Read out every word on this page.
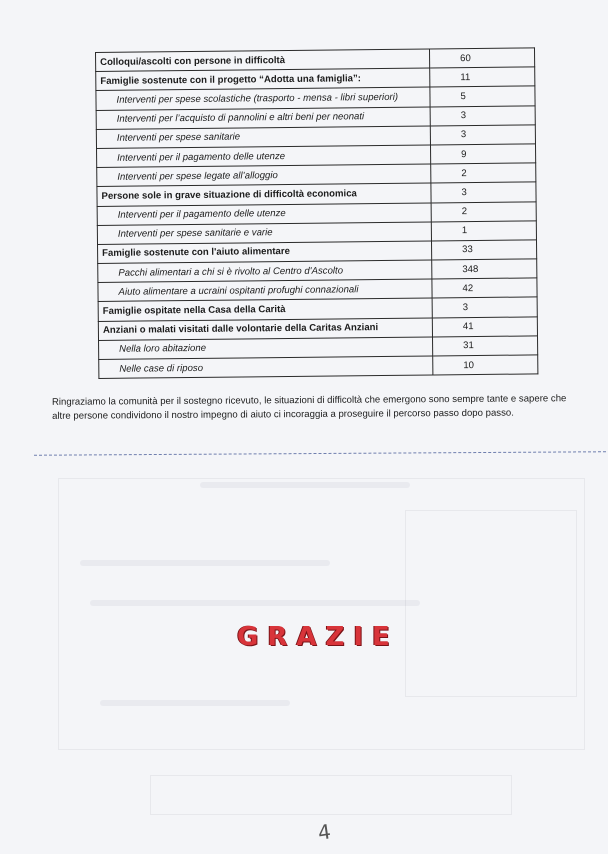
Colloqui/ascolti con persone in difficoltà	60
Famiglie sostenute con il progetto “Adotta una famiglia”:	11
Interventi per spese scolastiche (trasporto - mensa - libri superiori)	5
Interventi per l’acquisto di pannolini e altri beni per neonati	3
Interventi per spese sanitarie	3
Interventi per il pagamento delle utenze	9
Interventi per spese legate all’alloggio	2
Persone sole in grave situazione di difficoltà economica	3
Interventi per il pagamento delle utenze	2
Interventi per spese sanitarie e varie	1
Famiglie sostenute con l'aiuto alimentare	33
Pacchi alimentari a chi si è rivolto al Centro d'Ascolto	348
Aiuto alimentare a ucraini ospitanti profughi connazionali	42
Famiglie ospitate nella Casa della Carità	3
Anziani o malati visitati dalle volontarie della Caritas Anziani	41
Nella loro abitazione	31
Nelle case di riposo	10
Ringraziamo la comunità per il sostegno ricevuto, le situazioni di difficoltà che emergono sono sempre tante e sapere che altre persone condividono il nostro impegno di aiuto ci incoraggia a proseguire il percorso passo dopo passo.
GRAZIE
4
